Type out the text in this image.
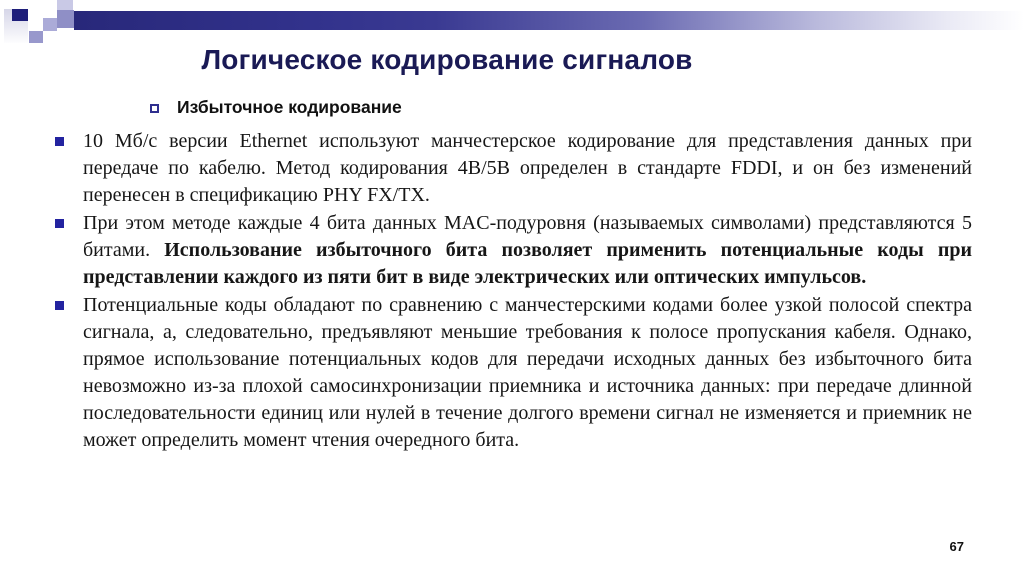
Логическое кодирование сигналов
Избыточное кодирование

10 Мб/с версии Ethernet используют манчестерское кодирование для представления данных при передаче по кабелю. Метод кодирования 4В/5В определен в стандарте FDDI, и он без изменений перенесен в спецификацию PHY FX/TX.

При этом методе каждые 4 бита данных MAC-подуровня (называемых символами) представляются 5 битами. Использование избыточного бита позволяет применить потенциальные коды при представлении каждого из пяти бит в виде электрических или оптических импульсов.

Потенциальные коды обладают по сравнению с манчестерскими кодами более узкой полосой спектра сигнала, а, следовательно, предъявляют меньшие требования к полосе пропускания кабеля. Однако, прямое использование потенциальных кодов для передачи исходных данных без избыточного бита невозможно из-за плохой самосинхронизации приемника и источника данных: при передаче длинной последовательности единиц или нулей в течение долгого времени сигнал не изменяется и приемник не может определить момент чтения очередного бита.

67
